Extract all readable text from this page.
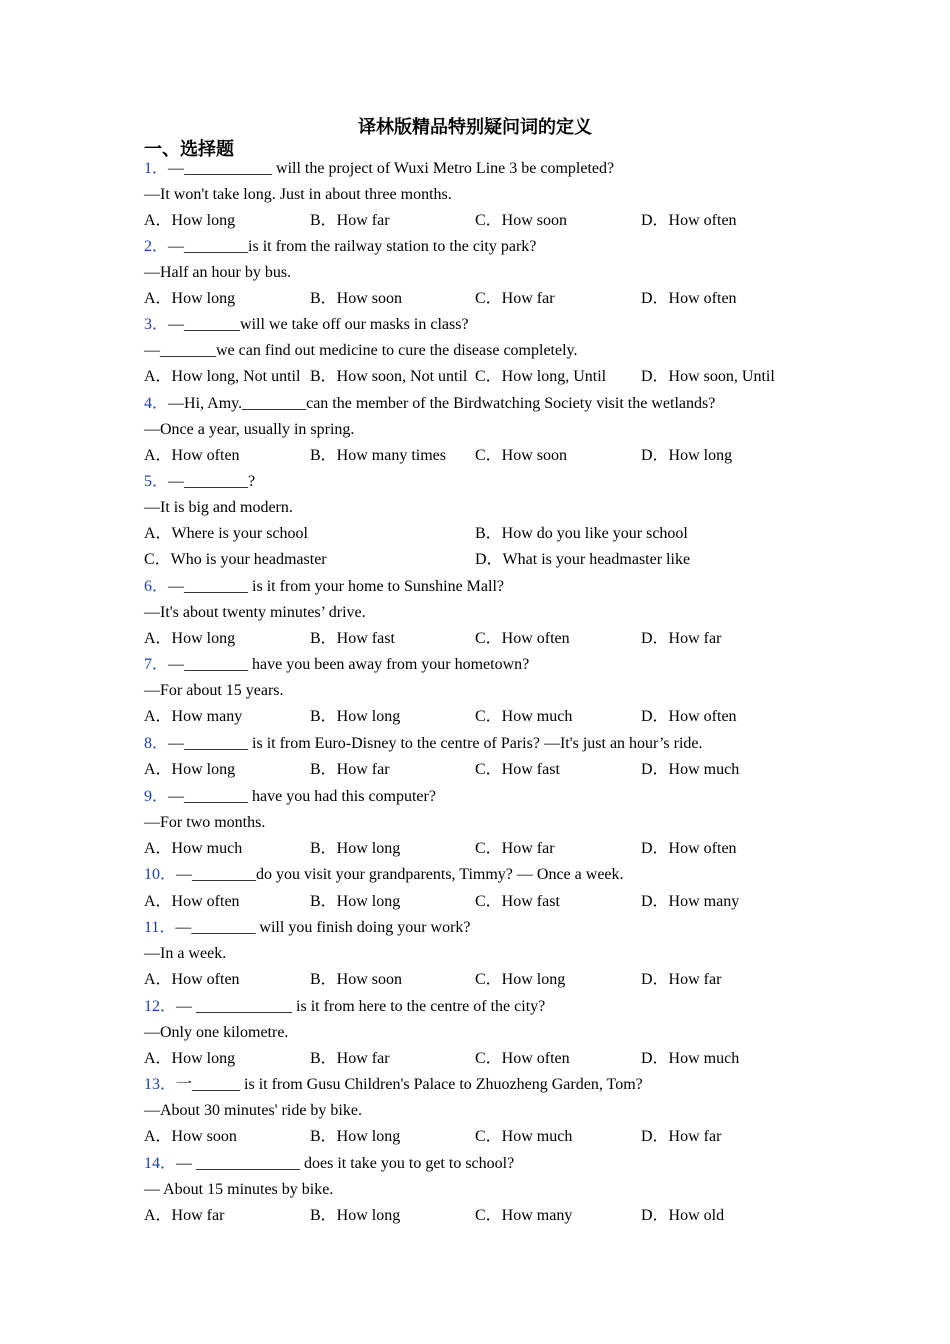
译林版精品特别疑问词的定义
一、选择题
1．—___________ will the project of Wuxi Metro Line 3 be completed?
—It won't take long. Just in about three months.
A．How long	B．How far	C．How soon	D．How often
2．—________is it from the railway station to the city park?
—Half an hour by bus.
A．How long	B．How soon	C．How far	D．How often
3．—_______will we take off our masks in class?
—_______we can find out medicine to cure the disease completely.
A．How long, Not until B．How soon, Not until C．How long, Until D．How soon, Until
4．—Hi, Amy.________can the member of the Birdwatching Society visit the wetlands?
—Once a year, usually in spring.
A．How often	B．How many times C．How soon	D．How long
5．—________?
—It is big and modern.
A．Where is your school	B．How do you like your school
C．Who is your headmaster	D．What is your headmaster like
6．—________ is it from your home to Sunshine Mall?
—It's about twenty minutes’ drive.
A．How long	B．How fast	C．How often	D．How far
7．—________ have you been away from your hometown?
—For about 15 years.
A．How many	B．How long	C．How much	D．How often
8．—________ is it from Euro-Disney to the centre of Paris? —It's just an hour’s ride.
A．How long	B．How far	C．How fast	D．How much
9．—________ have you had this computer?
—For two months.
A．How much	B．How long	C．How far	D．How often
10．—________do you visit your grandparents, Timmy? — Once a week.
A．How often	B．How long	C．How fast	D．How many
11．—________ will you finish doing your work?
—In a week.
A．How often	B．How soon	C．How long	D．How far
12．— ____________ is it from here to the centre of the city?
—Only one kilometre.
A．How long	B．How far	C．How often	D．How much
13．一______ is it from Gusu Children's Palace to Zhuozheng Garden, Tom?
—About 30 minutes' ride by bike.
A．How soon	B．How long	C．How much	D．How far
14．— _____________ does it take you to get to school?
— About 15 minutes by bike.
A．How far	B．How long	C．How many	D．How old
